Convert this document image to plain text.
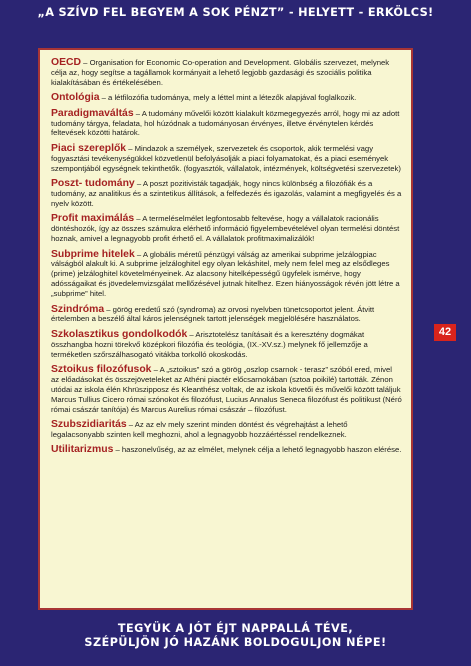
„A SZÍVD FEL BEGYEM A SOK PÉNZT” - HELYETT - ERKÖLCS!

OECD – Organisation for Economic Co-operation and Development. Globális szervezet, melynek célja az, hogy segítse a tagállamok kormányait a lehető legjobb gazdasági és szociális politika kialakításában és értékelésében.

Ontológia – a létfilozófia tudománya, mely a léttel mint a létezők alapjával foglalkozik.

Paradigmaváltás – A tudomány művelői között kialakult közmegegyezés arról, hogy mi az adott tudomány tárgya, feladata, hol húzódnak a tudományosan érvényes, illetve érvénytelen kérdés feltevések közötti határok.

Piaci szereplők – Mindazok a személyek, szervezetek és csoportok, akik termelési vagy fogyasztási tevékenységükkel közvetlenül befolyásolják a piaci folyamatokat, és a piaci események szempontjából egységnek tekinthetők. (fogyasztók, vállalatok, intézmények, költségvetési szervezetek)

Poszt- tudomány – A poszt pozitivisták tagadják, hogy nincs különbség a filozófiák és a tudomány, az analitikus és a szintetikus állítások, a felfedezés és igazolás, valamint a megfigyelés és a nyelv között.

Profit maximálás – A termeléselmélet legfontosabb feltevése, hogy a vállalatok racionális döntéshozók, így az összes számukra elérhető információ figyelembevételével olyan termelési döntést hoznak, amivel a legnagyobb profit érhető el. A vállalatok profitmaximalizálók!

Subprime hitelek – A globális méretű pénzügyi válság az amerikai subprime jelzálogpiac válságból alakult ki. A subprime jelzáloghitel egy olyan lekáshitel, mely nem felel meg az elsődleges (prime) jelzáloghitel követelményeinek. Az alacsony hitelképességű ügyfelek ismérve, hogy adósságaikat és jövedelemvizsgálat mellőzésével jutnak hitelhez. Ezen hiányosságok révén jött létre a „subprime” hitel.

Szindróma – görög eredetű szó (syndroma) az orvosi nyelvben tünetcsoportot jelent. Átvitt értelemben a beszélő által káros jelenségnek tartott jelenségek megjelölésére használatos.

Szkolasztikus gondolkodók – Arisztotelész tanításait és a keresztény dogmákat összhangba hozni törekvő középkori filozófia és teológia, (IX.-XV.sz.) melynek fő jellemzője a terméketlen szőrszálhasogató vitákba torkolló okoskodás.

Sztoikus filozófusok – A „sztoikus” szó a görög „oszlop csarnok - terasz” szóból ered, mivel az előadásokat és összejöveteleket az Athéni piactér előcsarnokában (sztoa poikilé) tartották. Zénon utódai az iskola élén Khrüszipposz és Kleanthész voltak, de az iskola követői és művelői között találjuk Marcus Tullius Cicero római szónokot és filozófust, Lucius Annalus Seneca filozófust és politikust (Néró római császár tanítója) és Marcus Aurelius római császár – filozófust.

Szubszidiaritás – Az az elv mely szerint minden döntést és végrehajtást a lehető legalacsonyabb szinten kell meghozni, ahol a legnagyobb hozzáértéssel rendelkeznek.

Utilitarizmus – haszonelvűség, az az elmélet, melynek célja a lehető legnagyobb haszon elérése.

42
TEGYÜK A JÓT ÉJT NAPPALLÁ TÉVE,
SZÉPÜLJÖN JÓ HAZÁNK BOLDOGULJON NÉPE!
